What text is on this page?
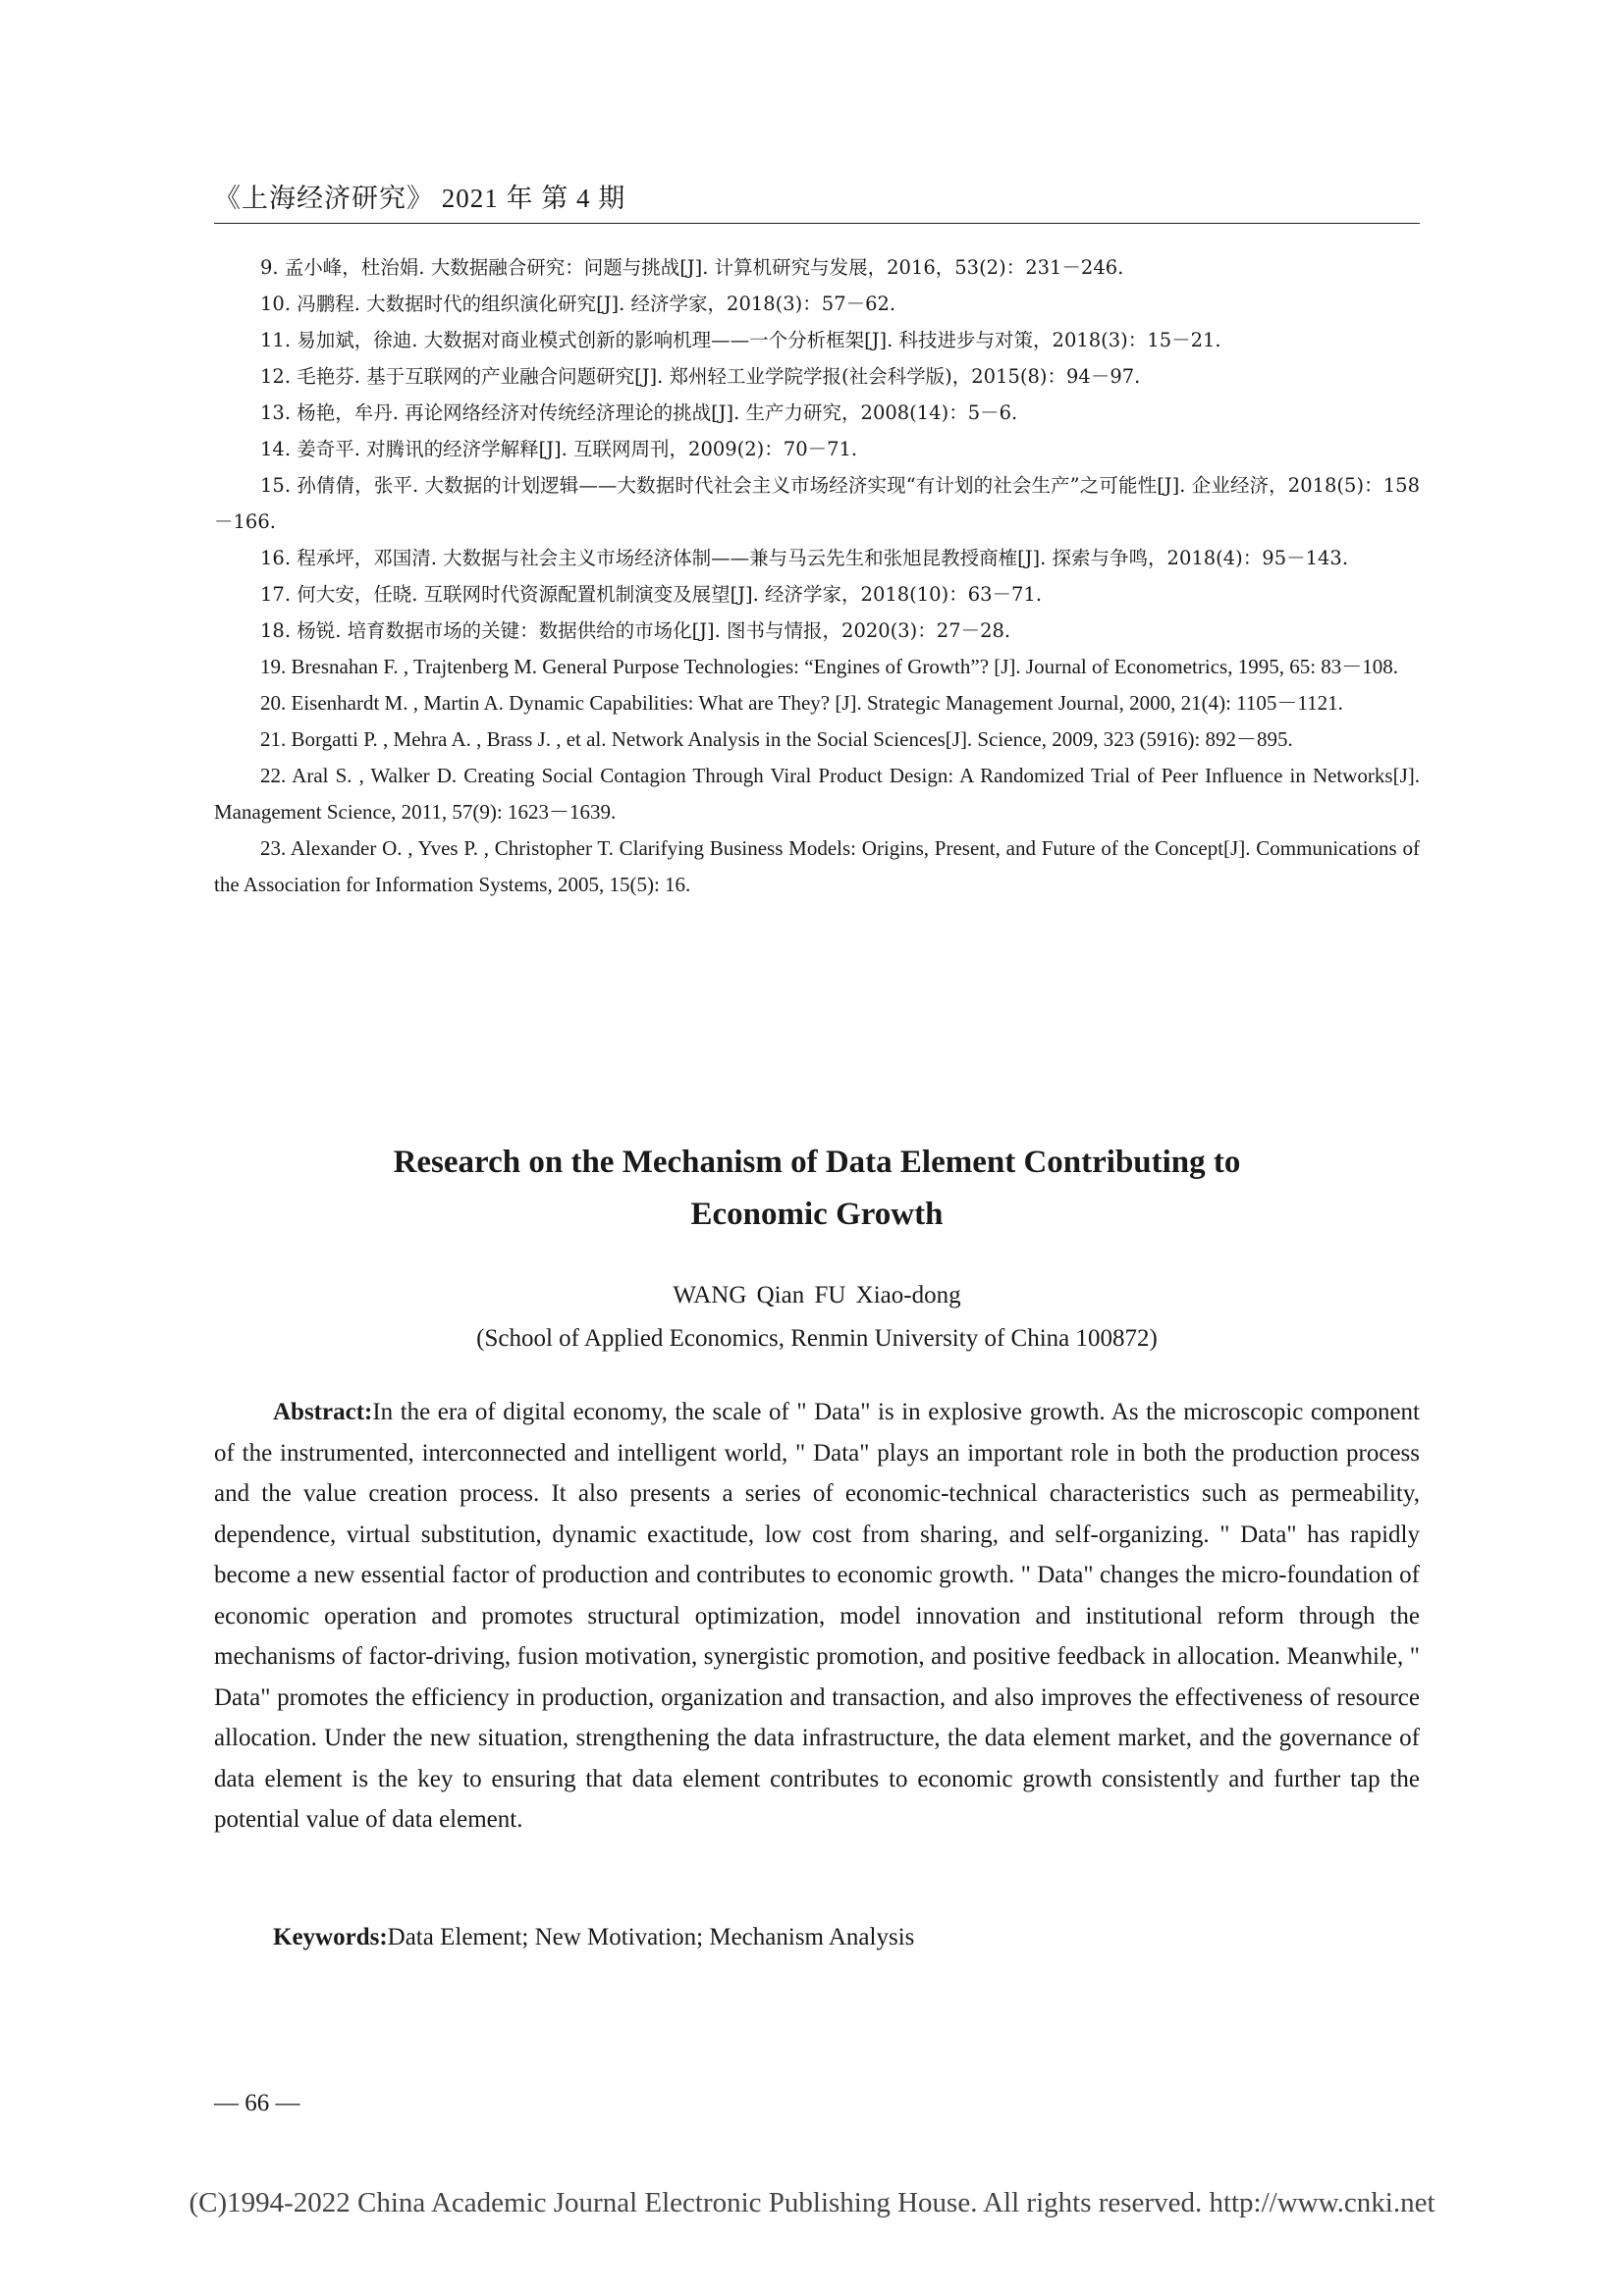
《上海经济研究》 2021 年 第 4 期

9. 孟小峰，杜治娟. 大数据融合研究：问题与挑战[J]. 计算机研究与发展，2016，53(2)：231－246.

10. 冯鹏程. 大数据时代的组织演化研究[J]. 经济学家，2018(3)：57－62.

11. 易加斌，徐迪. 大数据对商业模式创新的影响机理——一个分析框架[J]. 科技进步与对策，2018(3)：15－21.

12. 毛艳芬. 基于互联网的产业融合问题研究[J]. 郑州轻工业学院学报(社会科学版)，2015(8)：94－97.

13. 杨艳，牟丹. 再论网络经济对传统经济理论的挑战[J]. 生产力研究，2008(14)：5－6.

14. 姜奇平. 对腾讯的经济学解释[J]. 互联网周刊，2009(2)：70－71.

15. 孙倩倩，张平. 大数据的计划逻辑——大数据时代社会主义市场经济实现“有计划的社会生产”之可能性[J]. 企业经济，2018(5)：158－166.

16. 程承坪，邓国清. 大数据与社会主义市场经济体制——兼与马云先生和张旭昆教授商榷[J]. 探索与争鸣，2018(4)：95－143.

17. 何大安，任晓. 互联网时代资源配置机制演变及展望[J]. 经济学家，2018(10)：63－71.

18. 杨锐. 培育数据市场的关键：数据供给的市场化[J]. 图书与情报，2020(3)：27－28.

19. Bresnahan F. , Trajtenberg M. General Purpose Technologies: “Engines of Growth”? [J]. Journal of Econometrics, 1995, 65: 83－108.

20. Eisenhardt M. , Martin A. Dynamic Capabilities: What are They? [J]. Strategic Management Journal, 2000, 21(4): 1105－1121.

21. Borgatti P. , Mehra A. , Brass J. , et al. Network Analysis in the Social Sciences[J]. Science, 2009, 323 (5916): 892－895.

22. Aral S. , Walker D. Creating Social Contagion Through Viral Product Design: A Randomized Trial of Peer Influence in Networks[J]. Management Science, 2011, 57(9): 1623－1639.

23. Alexander O. , Yves P. , Christopher T. Clarifying Business Models: Origins, Present, and Future of the Concept[J]. Communications of the Association for Information Systems, 2005, 15(5): 16.

Research on the Mechanism of Data Element Contributing to
Economic Growth

WANG Qian FU Xiao-dong

(School of Applied Economics, Renmin University of China 100872)

Abstract:In the era of digital economy, the scale of " Data" is in explosive growth. As the microscopic component of the instrumented, interconnected and intelligent world, " Data" plays an important role in both the production process and the value creation process. It also presents a series of economic-technical characteristics such as permeability, dependence, virtual substitution, dynamic exactitude, low cost from sharing, and self-organizing. " Data" has rapidly become a new essential factor of production and contributes to economic growth. " Data" changes the micro-foundation of economic operation and promotes structural optimization, model innovation and institutional reform through the mechanisms of factor-driving, fusion motivation, synergistic promotion, and positive feedback in allocation. Meanwhile, " Data" promotes the efficiency in production, organization and transaction, and also improves the effectiveness of resource allocation. Under the new situation, strengthening the data infrastructure, the data element market, and the governance of data element is the key to ensuring that data element contributes to economic growth consistently and further tap the potential value of data element.

Keywords:Data Element; New Motivation; Mechanism Analysis

— 66 —
(C)1994-2022 China Academic Journal Electronic Publishing House. All rights reserved. http://www.cnki.net
